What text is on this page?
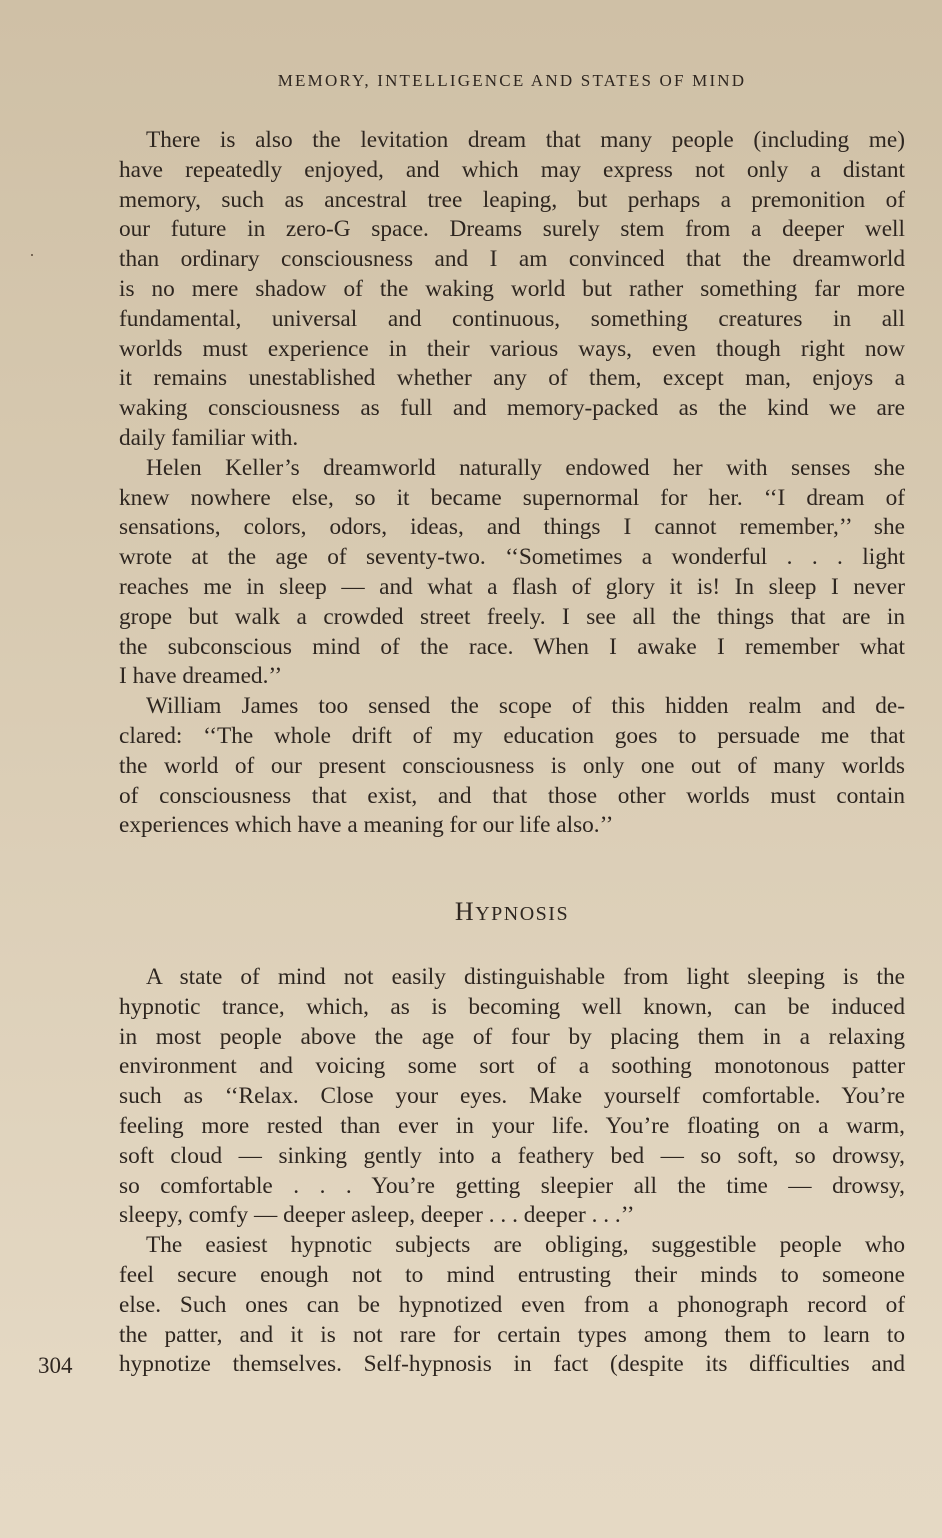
MEMORY, INTELLIGENCE AND STATES OF MIND
There is also the levitation dream that many people (including me)
have repeatedly enjoyed, and which may express not only a distant
memory, such as ancestral tree leaping, but perhaps a premonition of
our future in zero-G space. Dreams surely stem from a deeper well
than ordinary consciousness and I am convinced that the dreamworld
is no mere shadow of the waking world but rather something far more
fundamental, universal and continuous, something creatures in all
worlds must experience in their various ways, even though right now
it remains unestablished whether any of them, except man, enjoys a
waking consciousness as full and memory-packed as the kind we are
daily familiar with.
Helen Keller’s dreamworld naturally endowed her with senses she
knew nowhere else, so it became supernormal for her. ‘‘I dream of
sensations, colors, odors, ideas, and things I cannot remember,’’ she
wrote at the age of seventy-two. ‘‘Sometimes a wonderful . . . light
reaches me in sleep — and what a flash of glory it is! In sleep I never
grope but walk a crowded street freely. I see all the things that are in
the subconscious mind of the race. When I awake I remember what
I have dreamed.’’
William James too sensed the scope of this hidden realm and de-
clared: ‘‘The whole drift of my education goes to persuade me that
the world of our present consciousness is only one out of many worlds
of consciousness that exist, and that those other worlds must contain
experiences which have a meaning for our life also.’’
HYPNOSIS
A state of mind not easily distinguishable from light sleeping is the
hypnotic trance, which, as is becoming well known, can be induced
in most people above the age of four by placing them in a relaxing
environment and voicing some sort of a soothing monotonous patter
such as ‘‘Relax. Close your eyes. Make yourself comfortable. You’re
feeling more rested than ever in your life. You’re floating on a warm,
soft cloud — sinking gently into a feathery bed — so soft, so drowsy,
so comfortable . . . You’re getting sleepier all the time — drowsy,
sleepy, comfy — deeper asleep, deeper . . . deeper . . .’’
The easiest hypnotic subjects are obliging, suggestible people who
feel secure enough not to mind entrusting their minds to someone
else. Such ones can be hypnotized even from a phonograph record of
the patter, and it is not rare for certain types among them to learn to
hypnotize themselves. Self-hypnosis in fact (despite its difficulties and
304
